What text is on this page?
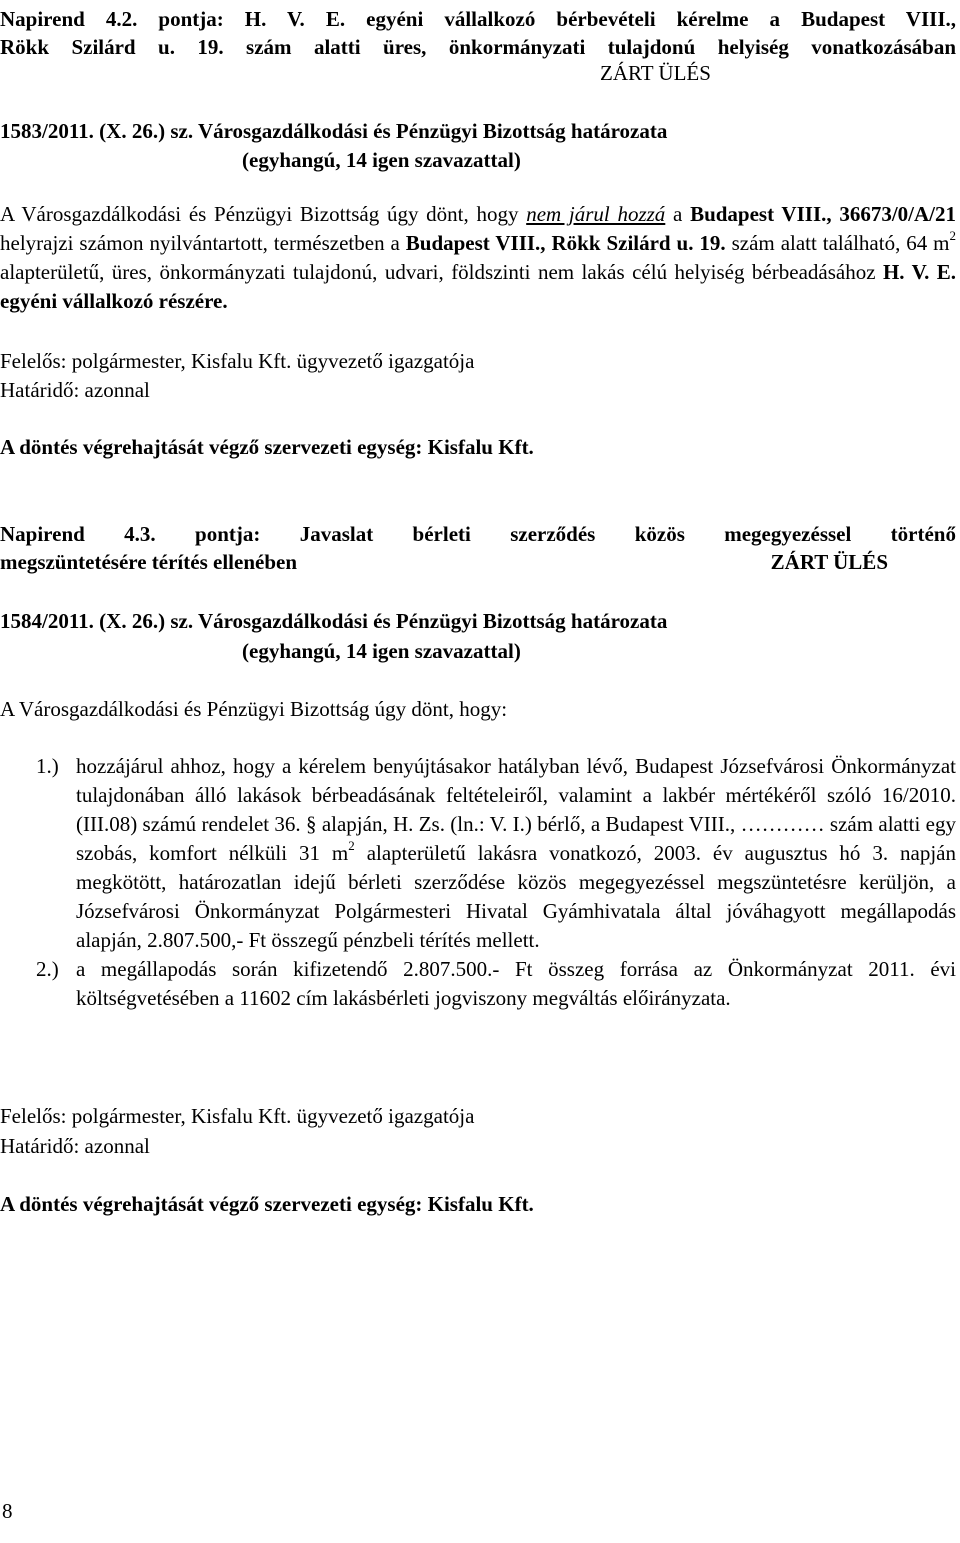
Napirend 4.2. pontja: H. V. E. egyéni vállalkozó bérbevételi kérelme a Budapest VIII.,
Rökk Szilárd u. 19. szám alatti üres, önkormányzati tulajdonú helyiség vonatkozásában
ZÁRT ÜLÉS
1583/2011. (X. 26.) sz. Városgazdálkodási és Pénzügyi Bizottság határozata
(egyhangú, 14 igen szavazattal)
A Városgazdálkodási és Pénzügyi Bizottság úgy dönt, hogy nem járul hozzá a Budapest VIII., 36673/0/A/21 helyrajzi számon nyilvántartott, természetben a Budapest VIII., Rökk Szilárd u. 19. szám alatt található, 64 $m^2$ alapterületű, üres, önkormányzati tulajdonú, udvari, földszinti nem lakás célú helyiség bérbeadásához H. V. E. egyéni vállalkozó részére.
Felelős: polgármester, Kisfalu Kft. ügyvezető igazgatója
Határidő: azonnal
A döntés végrehajtását végző szervezeti egység: Kisfalu Kft.
Napirend 4.3. pontja: Javaslat bérleti szerződés közös megegyezéssel történő
megszüntetésére térítés ellenében	ZÁRT ÜLÉS
1584/2011. (X. 26.) sz. Városgazdálkodási és Pénzügyi Bizottság határozata
(egyhangú, 14 igen szavazattal)
A Városgazdálkodási és Pénzügyi Bizottság úgy dönt, hogy:
1.) hozzájárul ahhoz, hogy a kérelem benyújtásakor hatályban lévő, Budapest Józsefvárosi Önkormányzat tulajdonában álló lakások bérbeadásának feltételeiről, valamint a lakbér mértékéről szóló 16/2010.(III.08) számú rendelet 36. § alapján, H. Zs. (ln.: V. I.) bérlő, a Budapest VIII., ………… szám alatti egy szobás, komfort nélküli 31 $m^2$ alapterületű lakásra vonatkozó, 2003. év augusztus hó 3. napján megkötött, határozatlan idejű bérleti szerződése közös megegyezéssel megszüntetésre kerüljön, a Józsefvárosi Önkormányzat Polgármesteri Hivatal Gyámhivatala által jóváhagyott megállapodás alapján, 2.807.500,- Ft összegű pénzbeli térítés mellett.
2.) a megállapodás során kifizetendő 2.807.500.- Ft összeg forrása az Önkormányzat 2011. évi költségvetésében a 11602 cím lakásbérleti jogviszony megváltás előirányzata.
Felelős: polgármester, Kisfalu Kft. ügyvezető igazgatója
Határidő: azonnal
A döntés végrehajtását végző szervezeti egység: Kisfalu Kft.
8
